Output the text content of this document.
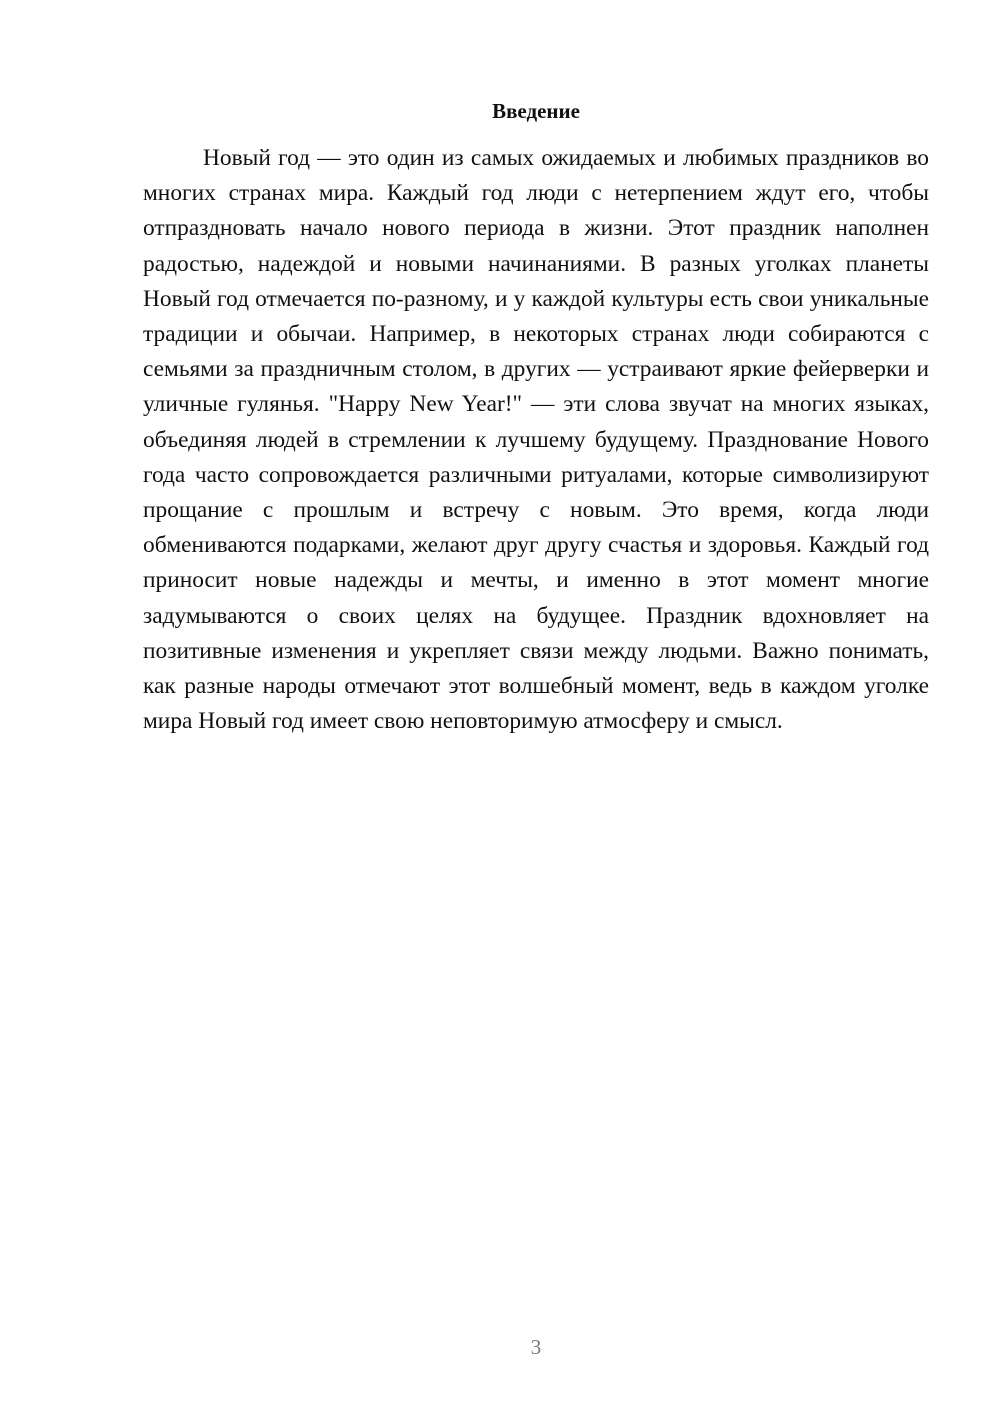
Введение

Новый год — это один из самых ожидаемых и любимых праздников во многих странах мира. Каждый год люди с нетерпением ждут его, чтобы отпраздновать начало нового периода в жизни. Этот праздник наполнен радостью, надеждой и новыми начинаниями. В разных уголках планеты Новый год отмечается по-разному, и у каждой культуры есть свои уникальные традиции и обычаи. Например, в некоторых странах люди собираются с семьями за праздничным столом, в других — устраивают яркие фейерверки и уличные гулянья. "Happy New Year!" — эти слова звучат на многих языках, объединяя людей в стремлении к лучшему будущему. Празднование Нового года часто сопровождается различными ритуалами, которые символизируют прощание с прошлым и встречу с новым. Это время, когда люди обмениваются подарками, желают друг другу счастья и здоровья. Каждый год приносит новые надежды и мечты, и именно в этот момент многие задумываются о своих целях на будущее. Праздник вдохновляет на позитивные изменения и укрепляет связи между людьми. Важно понимать, как разные народы отмечают этот волшебный момент, ведь в каждом уголке мира Новый год имеет свою неповторимую атмосферу и смысл.

3
